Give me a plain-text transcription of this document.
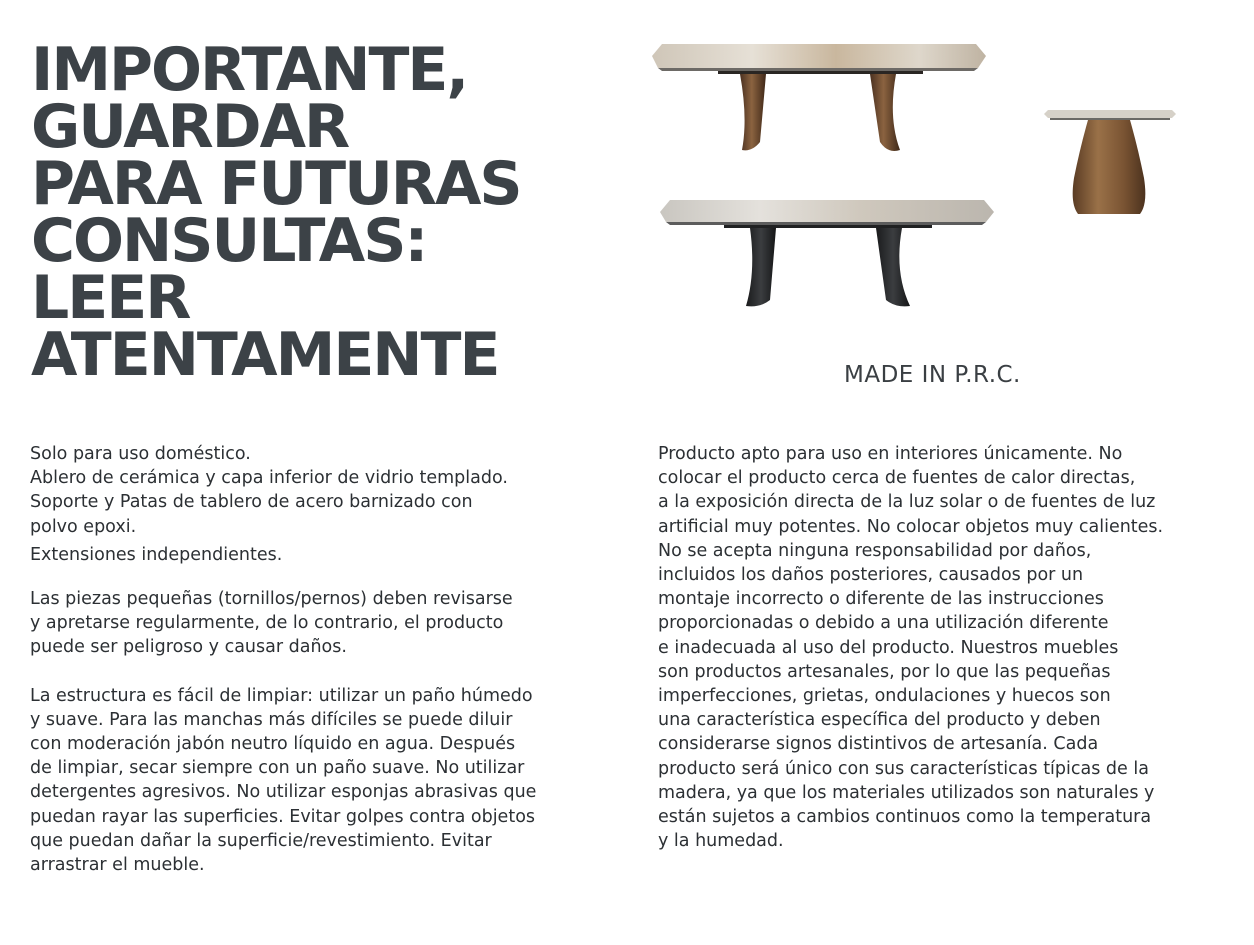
IMPORTANTE,
GUARDAR
PARA FUTURAS
CONSULTAS:
LEER
ATENTAMENTE	MADE IN P.R.C.

Solo para uso doméstico.

Ablero de cerámica y capa inferior de vidrio templado.

Soporte y Patas de tablero de acero barnizado con

polvo epoxi.

Extensiones independientes.

Las piezas pequeñas (tornillos/pernos) deben revisarse

y apretarse regularmente, de lo contrario, el producto

puede ser peligroso y causar daños.

La estructura es fácil de limpiar: utilizar un paño húmedo

y suave. Para las manchas más difíciles se puede diluir

con moderación jabón neutro líquido en agua. Después

de limpiar, secar siempre con un paño suave. No utilizar

detergentes agresivos. No utilizar esponjas abrasivas que

puedan rayar las superficies. Evitar golpes contra objetos

que puedan dañar la superficie/revestimiento. Evitar

arrastrar el mueble.

Producto apto para uso en interiores únicamente. No

colocar el producto cerca de fuentes de calor directas,

a la exposición directa de la luz solar o de fuentes de luz

artificial muy potentes. No colocar objetos muy calientes.

No se acepta ninguna responsabilidad por daños,

incluidos los daños posteriores, causados por un

montaje incorrecto o diferente de las instrucciones

proporcionadas o debido a una utilización diferente

e inadecuada al uso del producto. Nuestros muebles

son productos artesanales, por lo que las pequeñas

imperfecciones, grietas, ondulaciones y huecos son

una característica específica del producto y deben

considerarse signos distintivos de artesanía. Cada

producto será único con sus características típicas de la

madera, ya que los materiales utilizados son naturales y

están sujetos a cambios continuos como la temperatura

y la humedad.
